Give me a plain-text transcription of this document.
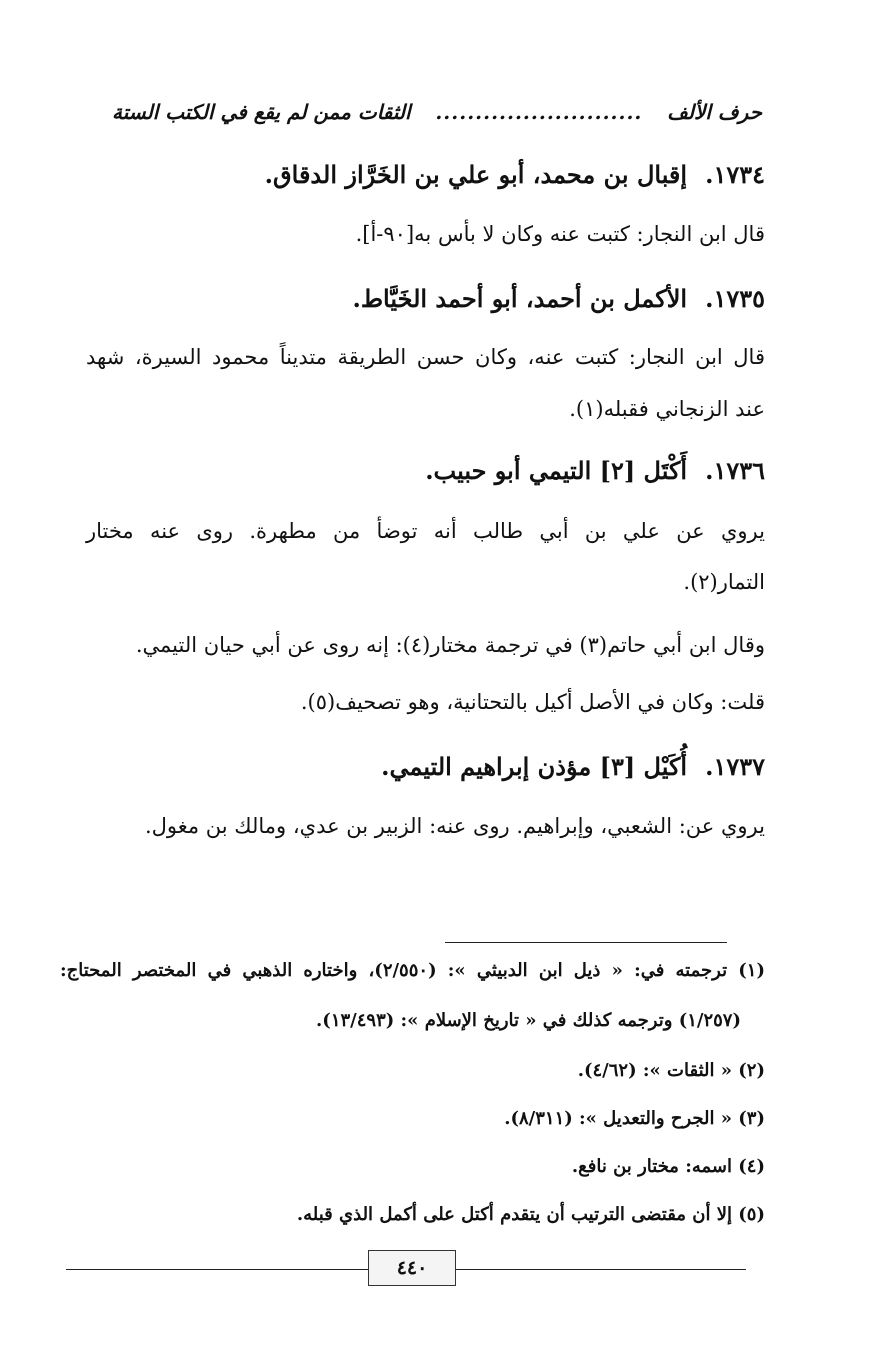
حرف الألف
..........................
الثقات ممن لم يقع في الكتب الستة
١٧٣٤.إقبال بن محمد، أبو علي بن الخَرَّاز الدقاق.
قال ابن النجار: كتبت عنه وكان لا بأس به[٩٠-أ].
١٧٣٥.الأكمل بن أحمد، أبو أحمد الخَيَّاط.
قال ابن النجار: كتبت عنه، وكان حسن الطريقة متديناً محمود السيرة، شهد
عند الزنجاني فقبله(١).
١٧٣٦.أَكْتَل [٢] التيمي أبو حبيب.
يروي عن علي بن أبي طالب أنه توضأ من مطهرة. روى عنه مختار
التمار(٢).
وقال ابن أبي حاتم(٣) في ترجمة مختار(٤): إنه روى عن أبي حيان التيمي.
قلت: وكان في الأصل أكيل بالتحتانية، وهو تصحيف(٥).
١٧٣٧.أُكَيْل [٣] مؤذن إبراهيم التيمي.
يروي عن: الشعبي، وإبراهيم. روى عنه: الزبير بن عدي، ومالك بن مغول.
(١) ترجمته في: « ذيل ابن الدبيثي »: (٢/٥٥٠)، واختاره الذهبي في المختصر المحتاج:
(١/٢٥٧) وترجمه كذلك في « تاريخ الإسلام »: (١٣/٤٩٣).
(٢) « الثقات »: (٤/٦٢).
(٣) « الجرح والتعديل »: (٨/٣١١).
(٤) اسمه: مختار بن نافع.
(٥) إلا أن مقتضى الترتيب أن يتقدم أكتل على أكمل الذي قبله.
٤٤٠
